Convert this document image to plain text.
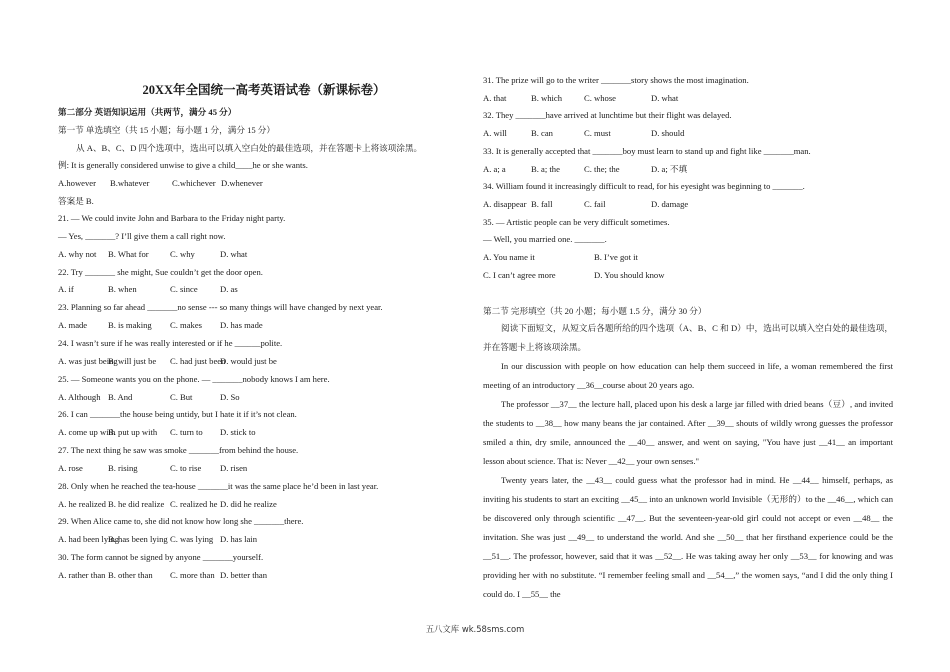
20XX年全国统一高考英语试卷（新课标卷）
第二部分 英语知识运用（共两节，满分 45 分）
第一节 单选填空（共 15 小题；每小题 1 分，满分 15 分）
从 A、B、C、D 四个选项中，选出可以填入空白处的最佳选项，并在答题卡上将该项涂黑。
例: It is generally considered unwise to give a child____he or she wants.
A.however B.whatever	C.whichever D.whenever
答案是 B.
21. — We could invite John and Barbara to the Friday night party.
— Yes, _______? I’ll give them a call right now.
A. why not B. What for C. why	D. what
22. Try _______ she might, Sue couldn’t get the door open.
A. if	B. when	C. since	D. as
23. Planning so far ahead _______no sense --- so many things will have changed by next year.
A. made B. is making C. makes D. has made
24. I wasn’t sure if he was really interested or if he ______polite.
A. was just being
B. will just be C. had just been
D. would just be
25. — Someone wants you on the phone. — _______nobody knows I am here.
A. Although B. And	C. But	D. So
26. I can _______the house being untidy, but I hate it if it’s not clean.
A. come up with
B. put up with C. turn to D. stick to
27. The next thing he saw was smoke _______from behind the house.
A. rose	B. rising	C. to rise D. risen
28. Only when he reached the tea-house _______it was the same place he’d been in last year.
A. he realized B. he did realize C. realized he D. did he realize
29. When Alice came to, she did not know how long she _______there.
A. had been lying
B. has been lying C. was lying D. has lain
30. The form cannot be signed by anyone _______yourself.
A. rather than B. other than C. more than D. better than
31. The prize will go to the writer _______story shows the most imagination.
A. that	B. which	C. whose	D. what
32. They _______have arrived at lunchtime but their flight was delayed.
A. will	B. can	C. must	D. should
33. It is generally accepted that _______boy must learn to stand up and fight like _______man.
A. a; a	B. a; the	C. the; the	D. a; 不填
34. William found it increasingly difficult to read, for his eyesight was beginning to _______.
A. disappear B. fall	C. fail	D. damage
35. — Artistic people can be very difficult sometimes.
— Well, you married one. _______.
A. You name it	B. I’ve got it
C. I can’t agree more	D. You should know
第二节 完形填空（共 20 小题；每小题 1.5 分，满分 30 分）

阅读下面短文，从短文后各题所给的四个选项（A、B、C 和 D）中，选出可以填入空白处的最佳选项，并在答题卡上将该项涂黑。

In our discussion with people on how education can help them succeed in life, a woman remembered the first meeting of an introductory __36__course about 20 years ago.

The professor __37__ the lecture hall, placed upon his desk a large jar filled with dried beans（豆）, and invited the students to __38__ how many beans the jar contained. After __39__ shouts of wildly wrong guesses the professor smiled a thin, dry smile, announced the __40__ answer, and went on saying, "You have just __41__ an important lesson about science. That is: Never __42__ your own senses."

Twenty years later, the __43__ could guess what the professor had in mind. He __44__ himself, perhaps, as inviting his students to start an exciting __45__ into an unknown world Invisible（无形的）to the __46__, which can be discovered only through scientific __47__. But the seventeen-year-old girl could not accept or even __48__ the invitation. She was just __49__ to understand the world. And she __50__ that her firsthand experience could be the __51__. The professor, however, said that it was __52__. He was taking away her only __53__ for knowing and was providing her with no substitute. “I remember feeling small and __54__,” the women says, “and I did the only thing I could do. I __55__ the

五八文库 wk.58sms.com
